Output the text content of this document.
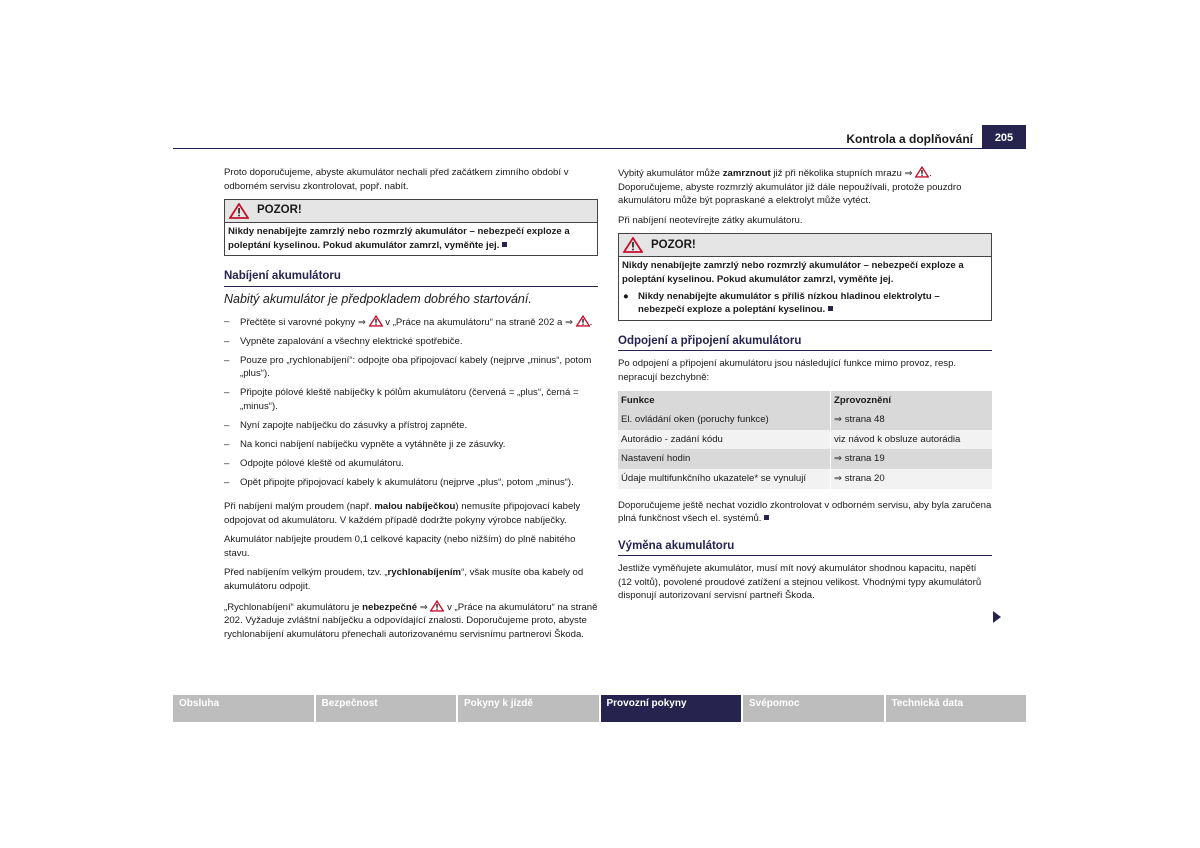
Kontrola a doplňování	205

Proto doporučujeme, abyste akumulátor nechali před začátkem zimního období v odborném servisu zkontrolovat, popř. nabít.

POZOR!
Nikdy nenabíjejte zamrzlý nebo rozmrzlý akumulátor – nebezpečí exploze a poleptání kyselinou. Pokud akumulátor zamrzl, vyměňte jej.
Nabíjení akumulátoru
Nabitý akumulátor je předpokladem dobrého startování.
– Přečtěte si varovné pokyny ⇒  v „Práce na akumulátoru“ na straně 202 a ⇒ .
– Vypněte zapalování a všechny elektrické spotřebiče.
– Pouze pro „rychlonabíjení“: odpojte oba připojovací kabely (nejprve „minus“, potom „plus“).
– Připojte pólové kleště nabíječky k pólům akumulátoru (červená = „plus“, černá = „minus“).
– Nyní zapojte nabíječku do zásuvky a přístroj zapněte.
– Na konci nabíjení nabíječku vypněte a vytáhněte ji ze zásuvky.
– Odpojte pólové kleště od akumulátoru.
– Opět připojte připojovací kabely k akumulátoru (nejprve „plus“, potom „minus“).

Při nabíjení malým proudem (např. malou nabíječkou) nemusíte připojovací kabely odpojovat od akumulátoru. V každém případě dodržte pokyny výrobce nabíječky.

Akumulátor nabíjejte proudem 0,1 celkové kapacity (nebo nižším) do plně nabitého stavu.

Před nabíjením velkým proudem, tzv. „rychlonabíjením“, však musíte oba kabely od akumulátoru odpojit.

„Rychlonabíjení“ akumulátoru je nebezpečné ⇒  v „Práce na akumulátoru“ na straně 202. Vyžaduje zvláštní nabíječku a odpovídající znalosti. Doporučujeme proto, abyste rychlonabíjení akumulátoru přenechali autorizovanému servisnímu partnerovi Škoda.

Vybitý akumulátor může zamrznout již při několika stupních mrazu ⇒ . Doporučujeme, abyste rozmrzlý akumulátor již dále nepoužívali, protože pouzdro akumulátoru může být popraskané a elektrolyt může vytéct.

Při nabíjení neotevírejte zátky akumulátoru.

POZOR!
Nikdy nenabíjejte zamrzlý nebo rozmrzlý akumulátor – nebezpečí exploze a poleptání kyselinou. Pokud akumulátor zamrzl, vyměňte jej.
● Nikdy nenabíjejte akumulátor s příliš nízkou hladinou elektrolytu – nebezpečí exploze a poleptání kyselinou.
Odpojení a připojení akumulátoru

Po odpojení a připojení akumulátoru jsou následující funkce mimo provoz, resp. nepracují bezchybně:

Funkce	Zprovoznění
El. ovládání oken (poruchy funkce)	⇒ strana 48
Autorádio - zadání kódu	viz návod k obsluze autorádia
Nastavení hodin	⇒ strana 19
Údaje multifunkčního ukazatele* se vynulují	⇒ strana 20

Doporučujeme ještě nechat vozidlo zkontrolovat v odborném servisu, aby byla zaručena plná funkčnost všech el. systémů.

Výměna akumulátoru

Jestliže vyměňujete akumulátor, musí mít nový akumulátor shodnou kapacitu, napětí (12 voltů), povolené proudové zatížení a stejnou velikost. Vhodnými typy akumulátorů disponují autorizovaní servisní partneři Škoda.

Obsluha	Bezpečnost	Pokyny k jízdě	Provozní pokyny	Svépomoc	Technická data
